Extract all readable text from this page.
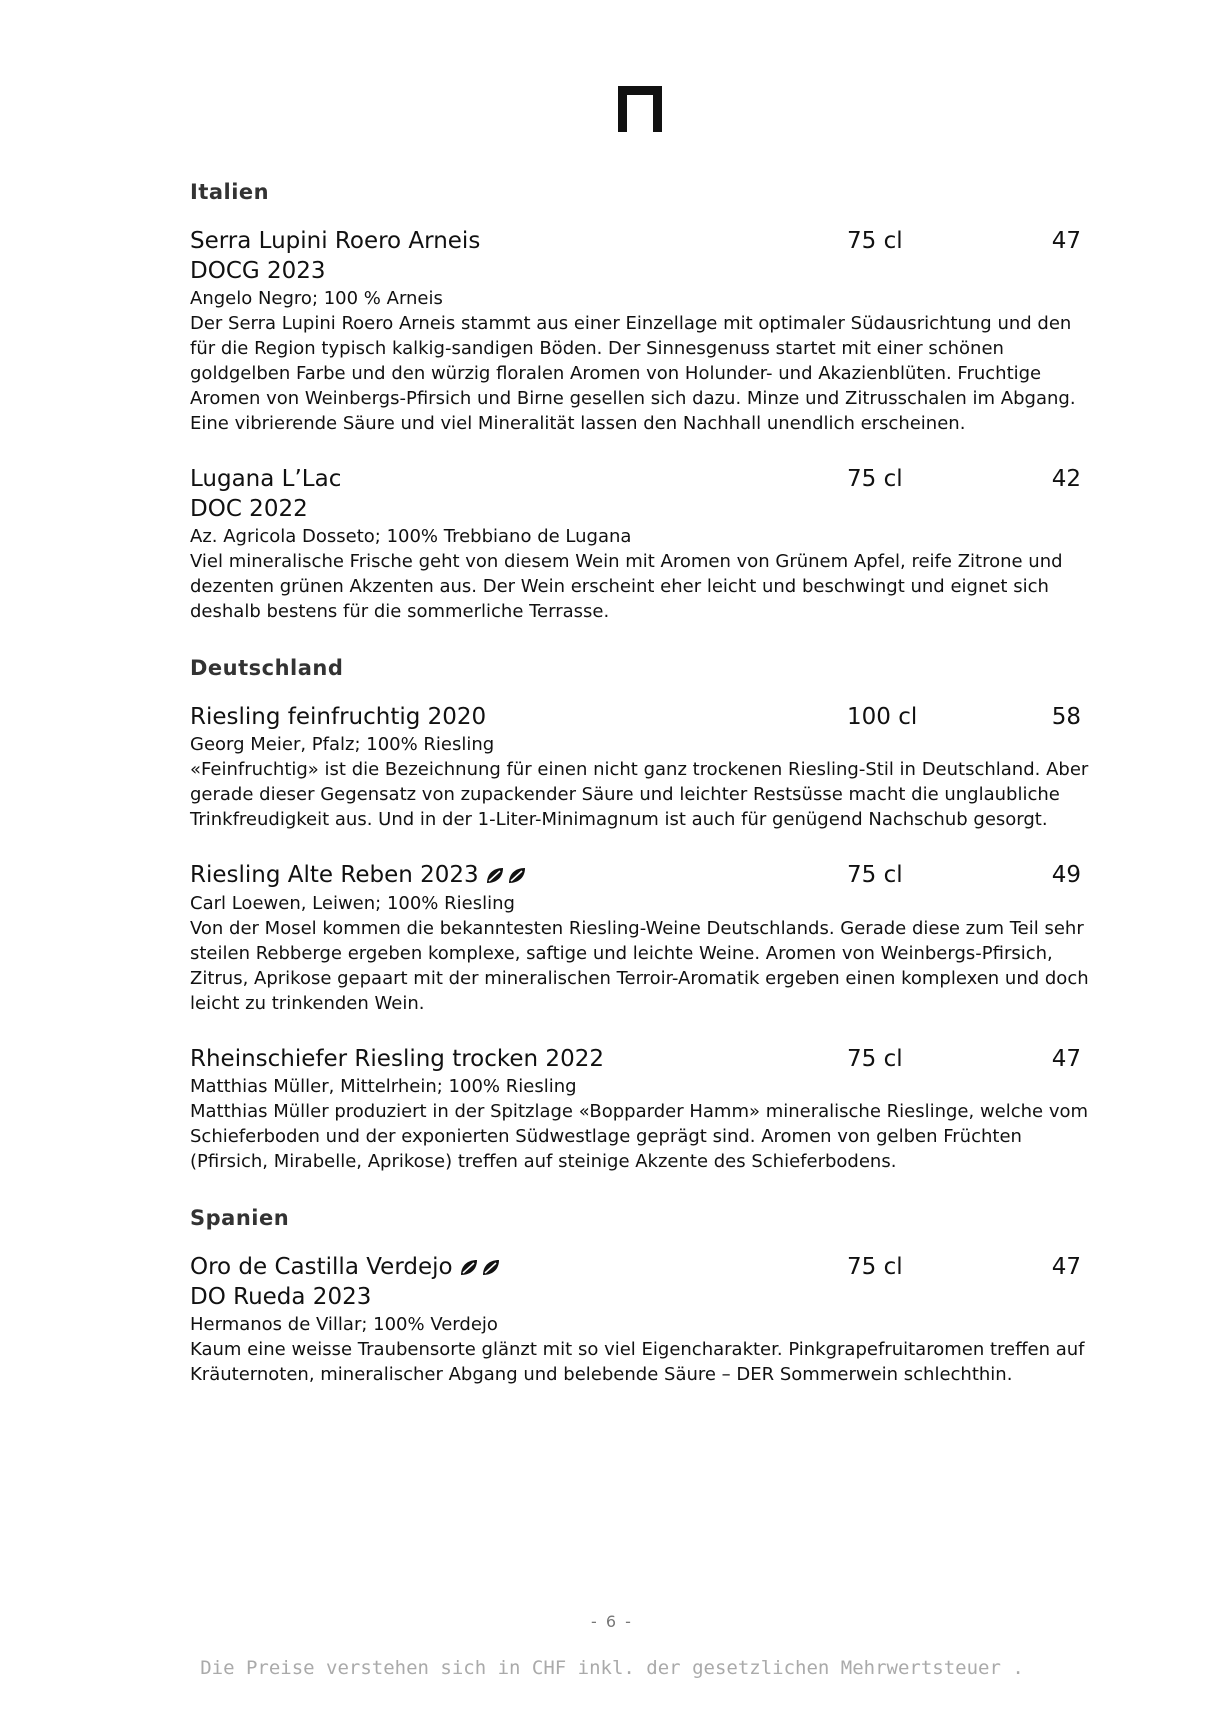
Italien
Serra Lupini Roero Arneis	75 cl	47
DOCG 2023
Angelo Negro; 100 % Arneis
Der Serra Lupini Roero Arneis stammt aus einer Einzellage mit optimaler Südausrichtung und den für die Region typisch kalkig-sandigen Böden. Der Sinnesgenuss startet mit einer schönen goldgelben Farbe und den würzig floralen Aromen von Holunder- und Akazienblüten. Fruchtige Aromen von Weinbergs-Pfirsich und Birne gesellen sich dazu. Minze und Zitrusschalen im Abgang. Eine vibrierende Säure und viel Mineralität lassen den Nachhall unendlich erscheinen.
Lugana L’Lac	75 cl	42
DOC 2022
Az. Agricola Dosseto; 100% Trebbiano de Lugana
Viel mineralische Frische geht von diesem Wein mit Aromen von Grünem Apfel, reife Zitrone und dezenten grünen Akzenten aus. Der Wein erscheint eher leicht und beschwingt und eignet sich deshalb bestens für die sommerliche Terrasse.
Deutschland
Riesling feinfruchtig 2020	100 cl	58
Georg Meier, Pfalz; 100% Riesling
«Feinfruchtig» ist die Bezeichnung für einen nicht ganz trockenen Riesling-Stil in Deutschland. Aber gerade dieser Gegensatz von zupackender Säure und leichter Restsüsse macht die unglaubliche Trinkfreudigkeit aus. Und in der 1-Liter-Minimagnum ist auch für genügend Nachschub gesorgt.
Riesling Alte Reben 2023	75 cl	49
Carl Loewen, Leiwen; 100% Riesling
Von der Mosel kommen die bekanntesten Riesling-Weine Deutschlands. Gerade diese zum Teil sehr steilen Rebberge ergeben komplexe, saftige und leichte Weine. Aromen von Weinbergs-Pfirsich, Zitrus, Aprikose gepaart mit der mineralischen Terroir-Aromatik ergeben einen komplexen und doch leicht zu trinkenden Wein.
Rheinschiefer Riesling trocken 2022	75 cl	47
Matthias Müller, Mittelrhein; 100% Riesling
Matthias Müller produziert in der Spitzlage «Bopparder Hamm» mineralische Rieslinge, welche vom Schieferboden und der exponierten Südwestlage geprägt sind. Aromen von gelben Früchten (Pfirsich, Mirabelle, Aprikose) treffen auf steinige Akzente des Schieferbodens.
Spanien
Oro de Castilla Verdejo	75 cl	47
DO Rueda 2023
Hermanos de Villar; 100% Verdejo
Kaum eine weisse Traubensorte glänzt mit so viel Eigencharakter. Pinkgrapefruitaromen treffen auf Kräuternoten, mineralischer Abgang und belebende Säure – DER Sommerwein schlechthin.
- 6 -
Die Preise verstehen sich in CHF inkl. der gesetzlichen Mehrwertsteuer .
